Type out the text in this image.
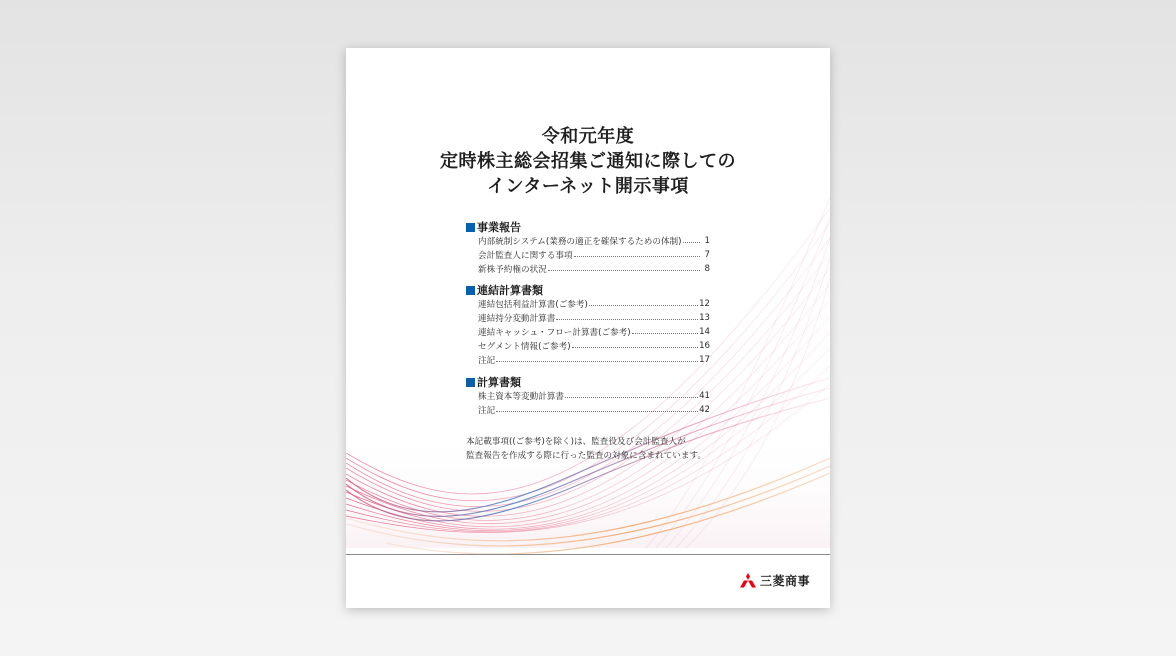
令和元年度
定時株主総会招集ご通知に際しての
インターネット開示事項
事業報告
内部統制システム(業務の適正を確保するための体制)	1
会計監査人に関する事項	7
新株予約権の状況	8
連結計算書類
連結包括利益計算書(ご参考)	12
連結持分変動計算書	13
連結キャッシュ・フロー計算書(ご参考)	14
セグメント情報(ご参考)	16
注記	17
計算書類
株主資本等変動計算書	41
注記	42
本記載事項((ご参考)を除く)は、監査役及び会計監査人が
監査報告を作成する際に行った監査の対象に含まれています。
三菱商事
